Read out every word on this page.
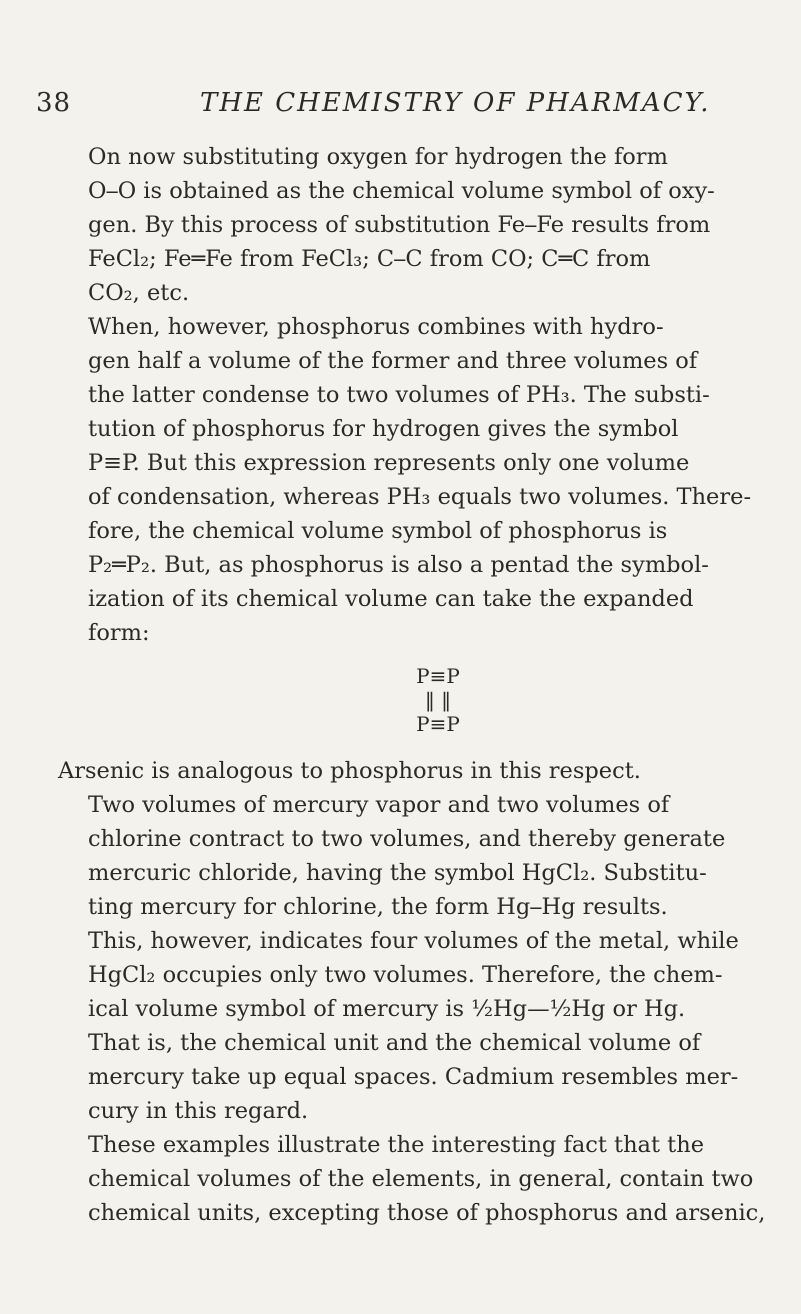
38	THE CHEMISTRY OF PHARMACY.

On now substituting oxygen for hydrogen the form
O⎯O is obtained as the chemical volume symbol of oxy-
gen. By this process of substitution Fe⎯Fe results from
FeCl₂; Fe═Fe from FeCl₃; C⎯C from CO; C═C from
CO₂, etc.

When, however, phosphorus combines with hydro-
gen half a volume of the former and three volumes of
the latter condense to two volumes of PH₃. The substi-
tution of phosphorus for hydrogen gives the symbol
P≡P. But this expression represents only one volume
of condensation, whereas PH₃ equals two volumes. There-
fore, the chemical volume symbol of phosphorus is
P₂═P₂. But, as phosphorus is also a pentad the symbol-
ization of its chemical volume can take the expanded
form:

P≡P
‖ ‖
P≡P

Arsenic is analogous to phosphorus in this respect.

Two volumes of mercury vapor and two volumes of
chlorine contract to two volumes, and thereby generate
mercuric chloride, having the symbol HgCl₂. Substitu-
ting mercury for chlorine, the form Hg⎯Hg results.
This, however, indicates four volumes of the metal, while
HgCl₂ occupies only two volumes. Therefore, the chem-
ical volume symbol of mercury is ½Hg—½Hg or Hg.
That is, the chemical unit and the chemical volume of
mercury take up equal spaces. Cadmium resembles mer-
cury in this regard.

These examples illustrate the interesting fact that the
chemical volumes of the elements, in general, contain two
chemical units, excepting those of phosphorus and arsenic,
